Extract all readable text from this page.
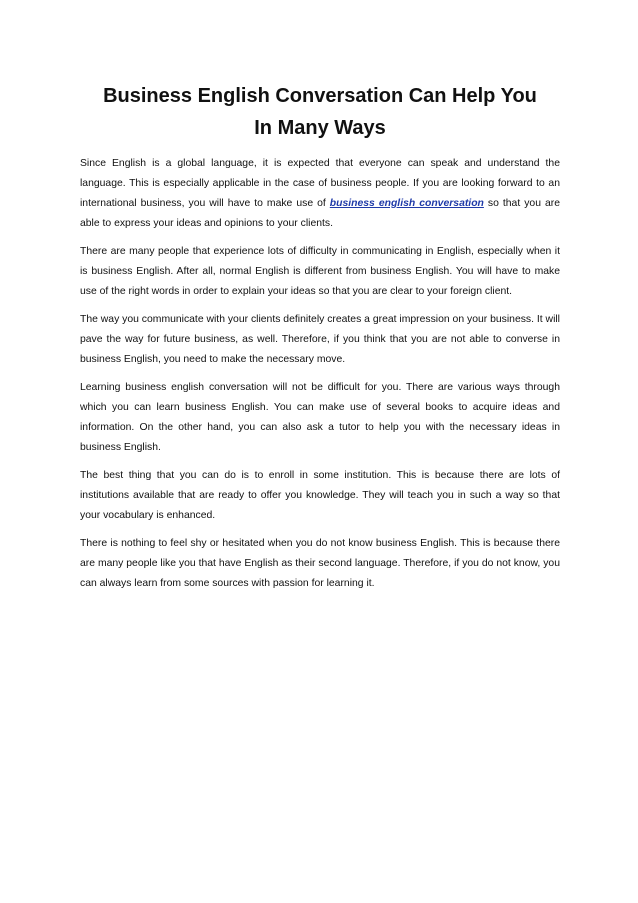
Business English Conversation Can Help You
In Many Ways

Since English is a global language, it is expected that everyone can speak and understand the language. This is especially applicable in the case of business people. If you are looking forward to an international business, you will have to make use of business english conversation so that you are able to express your ideas and opinions to your clients.

There are many people that experience lots of difficulty in communicating in English, especially when it is business English. After all, normal English is different from business English. You will have to make use of the right words in order to explain your ideas so that you are clear to your foreign client.

The way you communicate with your clients definitely creates a great impression on your business. It will pave the way for future business, as well. Therefore, if you think that you are not able to converse in business English, you need to make the necessary move.

Learning business english conversation will not be difficult for you. There are various ways through which you can learn business English. You can make use of several books to acquire ideas and information. On the other hand, you can also ask a tutor to help you with the necessary ideas in business English.

The best thing that you can do is to enroll in some institution. This is because there are lots of institutions available that are ready to offer you knowledge. They will teach you in such a way so that your vocabulary is enhanced.

There is nothing to feel shy or hesitated when you do not know business English. This is because there are many people like you that have English as their second language. Therefore, if you do not know, you can always learn from some sources with passion for learning it.
